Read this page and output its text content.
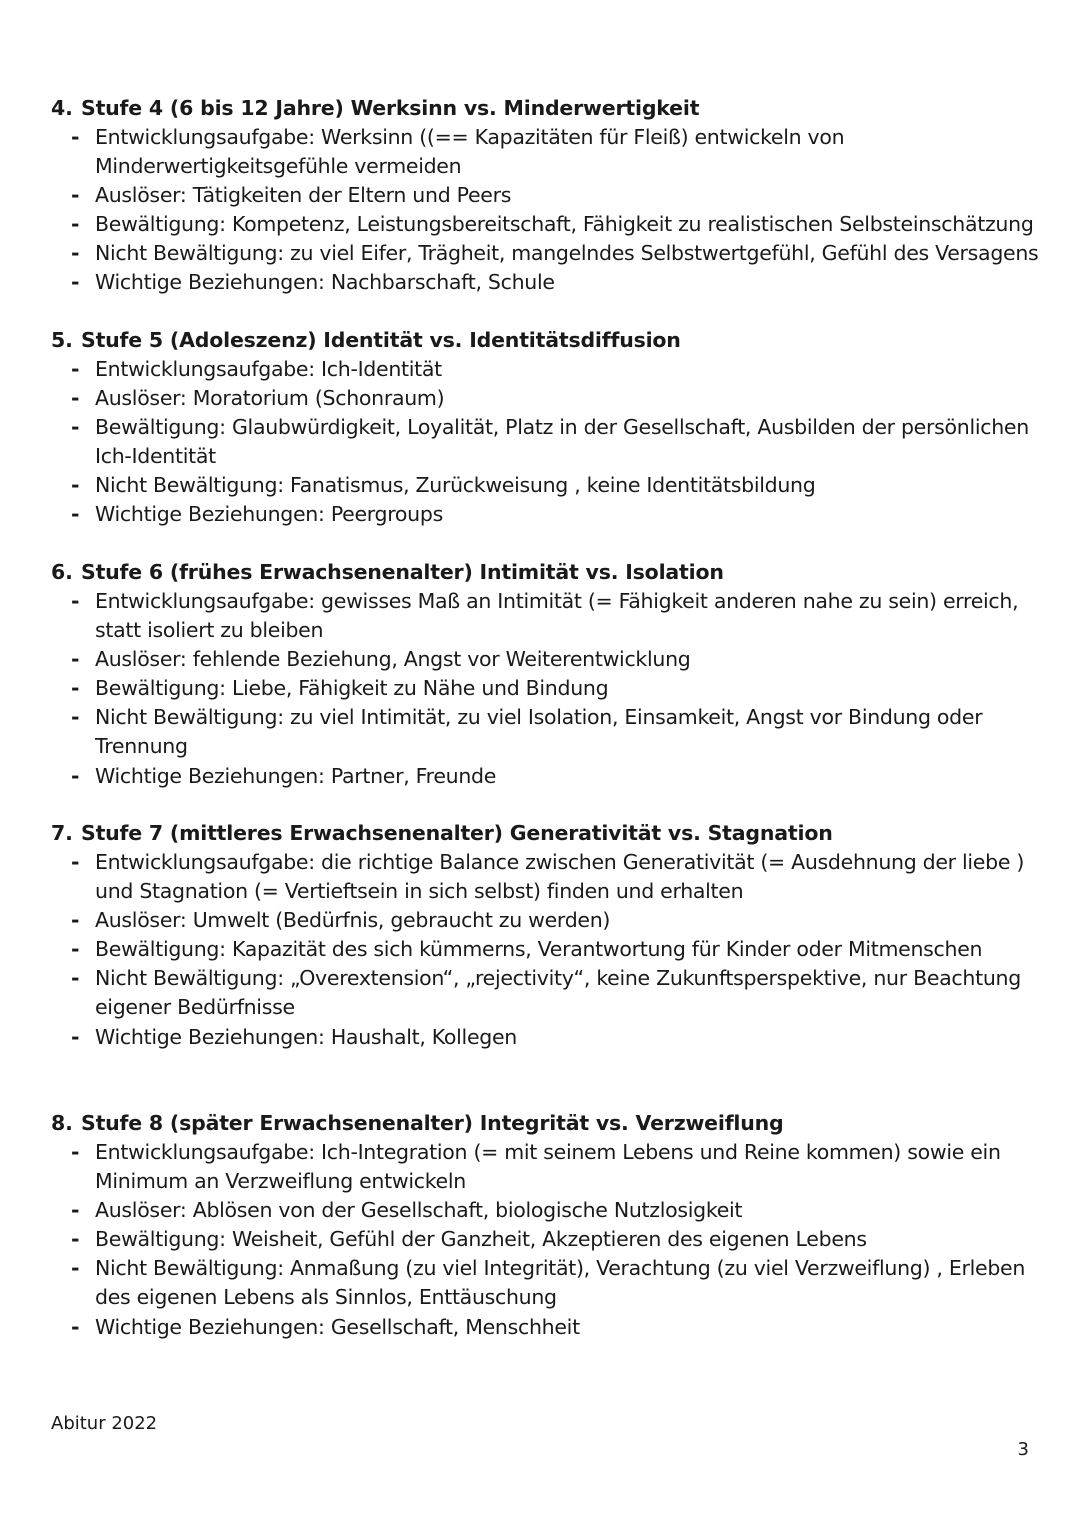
4. Stufe 4 (6 bis 12 Jahre) Werksinn vs. Minderwertigkeit
- Entwicklungsaufgabe: Werksinn ((== Kapazitäten für Fleiß) entwickeln von Minderwertigkeitsgefühle vermeiden
- Auslöser: Tätigkeiten der Eltern und Peers
- Bewältigung: Kompetenz, Leistungsbereitschaft, Fähigkeit zu realistischen Selbsteinschätzung
- Nicht Bewältigung: zu viel Eifer, Trägheit, mangelndes Selbstwertgefühl, Gefühl des Versagens
- Wichtige Beziehungen: Nachbarschaft, Schule
5. Stufe 5 (Adoleszenz) Identität vs. Identitätsdiffusion
- Entwicklungsaufgabe: Ich-Identität
- Auslöser: Moratorium (Schonraum)
- Bewältigung: Glaubwürdigkeit, Loyalität, Platz in der Gesellschaft, Ausbilden der persönlichen Ich-Identität
- Nicht Bewältigung: Fanatismus, Zurückweisung , keine Identitätsbildung
- Wichtige Beziehungen: Peergroups
6. Stufe 6 (frühes Erwachsenenalter) Intimität vs. Isolation
- Entwicklungsaufgabe: gewisses Maß an Intimität (= Fähigkeit anderen nahe zu sein) erreich, statt isoliert zu bleiben
- Auslöser: fehlende Beziehung, Angst vor Weiterentwicklung
- Bewältigung: Liebe, Fähigkeit zu Nähe und Bindung
- Nicht Bewältigung: zu viel Intimität, zu viel Isolation, Einsamkeit, Angst vor Bindung oder Trennung
- Wichtige Beziehungen: Partner, Freunde
7. Stufe 7 (mittleres Erwachsenenalter) Generativität vs. Stagnation
- Entwicklungsaufgabe: die richtige Balance zwischen Generativität (= Ausdehnung der liebe ) und Stagnation (= Vertieftsein in sich selbst) finden und erhalten
- Auslöser: Umwelt (Bedürfnis, gebraucht zu werden)
- Bewältigung: Kapazität des sich kümmerns, Verantwortung für Kinder oder Mitmenschen
- Nicht Bewältigung: „Overextension“, „rejectivity“, keine Zukunftsperspektive, nur Beachtung eigener Bedürfnisse
- Wichtige Beziehungen: Haushalt, Kollegen
8. Stufe 8 (später Erwachsenenalter) Integrität vs. Verzweiflung
- Entwicklungsaufgabe: Ich-Integration (= mit seinem Lebens und Reine kommen) sowie ein Minimum an Verzweiflung entwickeln
- Auslöser: Ablösen von der Gesellschaft, biologische Nutzlosigkeit
- Bewältigung: Weisheit, Gefühl der Ganzheit, Akzeptieren des eigenen Lebens
- Nicht Bewältigung: Anmaßung (zu viel Integrität), Verachtung (zu viel Verzweiflung) , Erleben des eigenen Lebens als Sinnlos, Enttäuschung
- Wichtige Beziehungen: Gesellschaft, Menschheit
Abitur 2022
3
